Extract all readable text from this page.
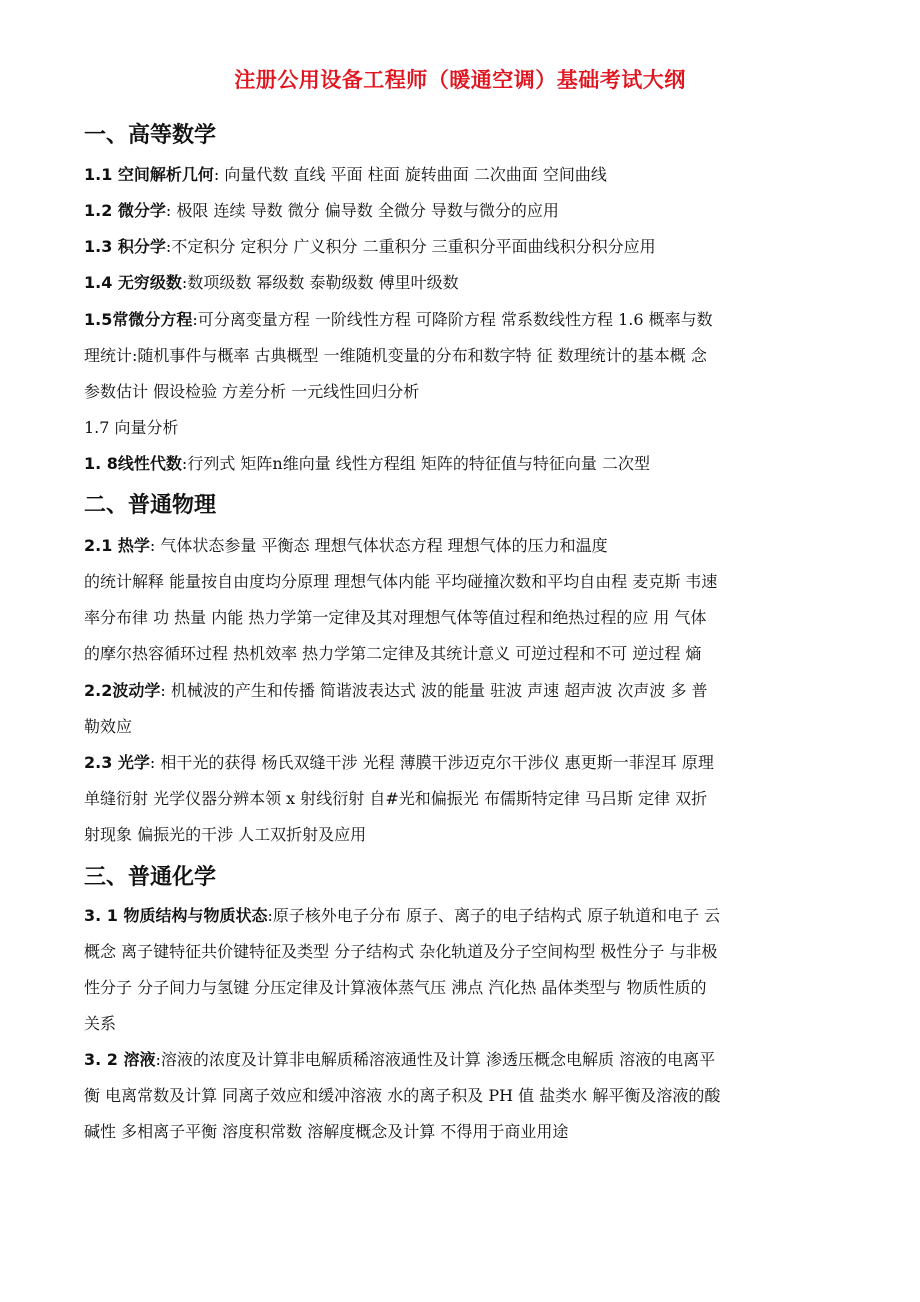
注册公用设备工程师（暖通空调）基础考试大纲
一、高等数学
1.1 空间解析几何: 向量代数 直线 平面 柱面 旋转曲面 二次曲面 空间曲线
1.2 微分学: 极限 连续 导数 微分 偏导数 全微分 导数与微分的应用
1.3 积分学:不定积分 定积分 广义积分 二重积分 三重积分平面曲线积分积分应用
1.4 无穷级数:数项级数 幂级数 泰勒级数 傅里叶级数
1.5常微分方程:可分离变量方程 一阶线性方程 可降阶方程 常系数线性方程 1.6 概率与数
理统计:随机事件与概率 古典概型 一维随机变量的分布和数字特 征 数理统计的基本概 念
参数估计 假设检验 方差分析 一元线性回归分析
1.7 向量分析
1. 8线性代数:行列式 矩阵n维向量 线性方程组 矩阵的特征值与特征向量 二次型
二、普通物理
2.1 热学: 气体状态参量 平衡态 理想气体状态方程 理想气体的压力和温度
的统计解释 能量按自由度均分原理 理想气体内能 平均碰撞次数和平均自由程 麦克斯 韦速
率分布律 功 热量 内能 热力学第一定律及其对理想气体等值过程和绝热过程的应 用 气体
的摩尔热容循环过程 热机效率 热力学第二定律及其统计意义 可逆过程和不可 逆过程 熵
2.2波动学: 机械波的产生和传播 简谐波表达式 波的能量 驻波 声速 超声波 次声波 多 普
勒效应
2.3 光学: 相干光的获得 杨氏双缝干涉 光程 薄膜干涉迈克尔干涉仪 惠更斯一菲涅耳 原理
单缝衍射 光学仪器分辨本领 x 射线衍射 自#光和偏振光 布儒斯特定律 马吕斯 定律 双折
射现象 偏振光的干涉 人工双折射及应用
三、普通化学
3. 1 物质结构与物质状态:原子核外电子分布 原子、离子的电子结构式 原子轨道和电子 云
概念 离子键特征共价键特征及类型 分子结构式 杂化轨道及分子空间构型 极性分子 与非极
性分子 分子间力与氢键 分压定律及计算液体蒸气压 沸点 汽化热 晶体类型与 物质性质的
关系
3. 2 溶液:溶液的浓度及计算非电解质稀溶液通性及计算 渗透压概念电解质 溶液的电离平
衡 电离常数及计算 同离子效应和缓冲溶液 水的离子积及 PH 值 盐类水 解平衡及溶液的酸
碱性 多相离子平衡 溶度积常数 溶解度概念及计算 不得用于商业用途
